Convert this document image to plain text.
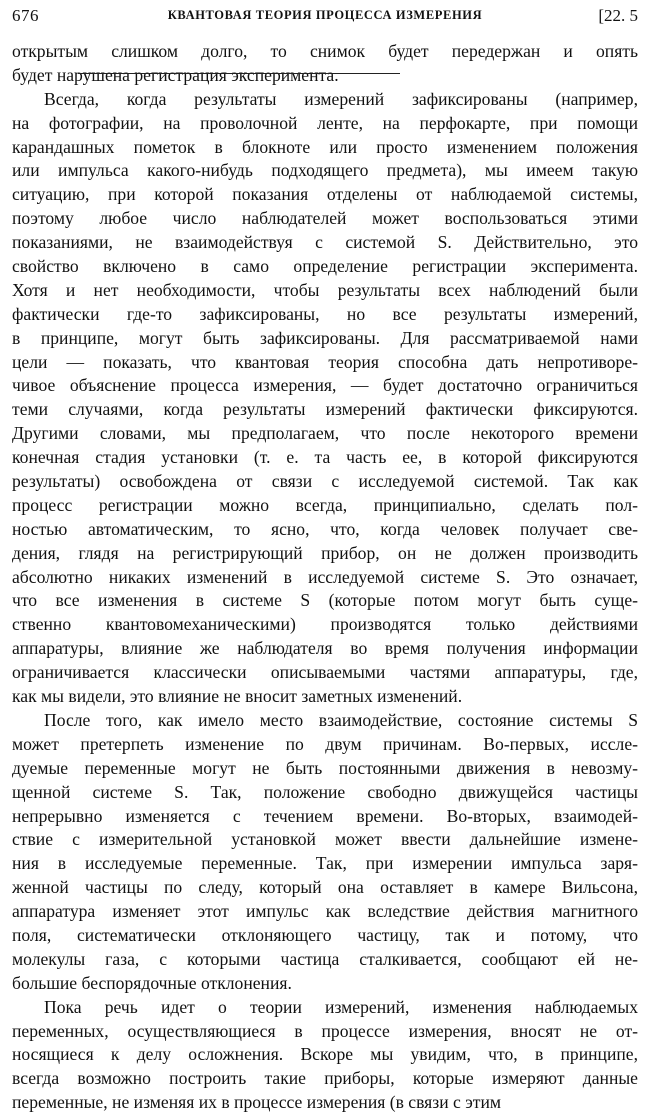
676	КВАНТОВАЯ ТЕОРИЯ ПРОЦЕССА ИЗМЕРЕНИЯ	[22. 5
открытым слишком долго, то снимок будет передержан и опять
будет нарушена регистрация эксперимента.
Всегда, когда результаты измерений зафиксированы (например,
на фотографии, на проволочной ленте, на перфокарте, при помощи
карандашных пометок в блокноте или просто изменением положения
или импульса какого-нибудь подходящего предмета), мы имеем такую
ситуацию, при которой показания отделены от наблюдаемой системы,
поэтому любое число наблюдателей может воспользоваться этими
показаниями, не взаимодействуя с системой S. Действительно, это
свойство включено в само определение регистрации эксперимента.
Хотя и нет необходимости, чтобы результаты всех наблюдений были
фактически где-то зафиксированы, но все результаты измерений,
в принципе, могут быть зафиксированы. Для рассматриваемой нами
цели — показать, что квантовая теория способна дать непротиворе-
чивое объяснение процесса измерения, — будет достаточно ограничиться
теми случаями, когда результаты измерений фактически фиксируются.
Другими словами, мы предполагаем, что после некоторого времени
конечная стадия установки (т. е. та часть ее, в которой фиксируются
результаты) освобождена от связи с исследуемой системой. Так как
процесс регистрации можно всегда, принципиально, сделать пол-
ностью автоматическим, то ясно, что, когда человек получает све-
дения, глядя на регистрирующий прибор, он не должен производить
абсолютно никаких изменений в исследуемой системе S. Это означает,
что все изменения в системе S (которые потом могут быть суще-
ственно квантовомеханическими) производятся только действиями
аппаратуры, влияние же наблюдателя во время получения информации
ограничивается классически описываемыми частями аппаратуры, где,
как мы видели, это влияние не вносит заметных изменений.
После того, как имело место взаимодействие, состояние системы S
может претерпеть изменение по двум причинам. Во-первых, иссле-
дуемые переменные могут не быть постоянными движения в невозму-
щенной системе S. Так, положение свободно движущейся частицы
непрерывно изменяется с течением времени. Во-вторых, взаимодей-
ствие с измерительной установкой может ввести дальнейшие измене-
ния в исследуемые переменные. Так, при измерении импульса заря-
женной частицы по следу, который она оставляет в камере Вильсона,
аппаратура изменяет этот импульс как вследствие действия магнитного
поля, систематически отклоняющего частицу, так и потому, что
молекулы газа, с которыми частица сталкивается, сообщают ей не-
большие беспорядочные отклонения.
Пока речь идет о теории измерений, изменения наблюдаемых
переменных, осуществляющиеся в процессе измерения, вносят не от-
носящиеся к делу осложнения. Вскоре мы увидим, что, в принципе,
всегда возможно построить такие приборы, которые измеряют данные
переменные, не изменяя их в процессе измерения (в связи с этим
